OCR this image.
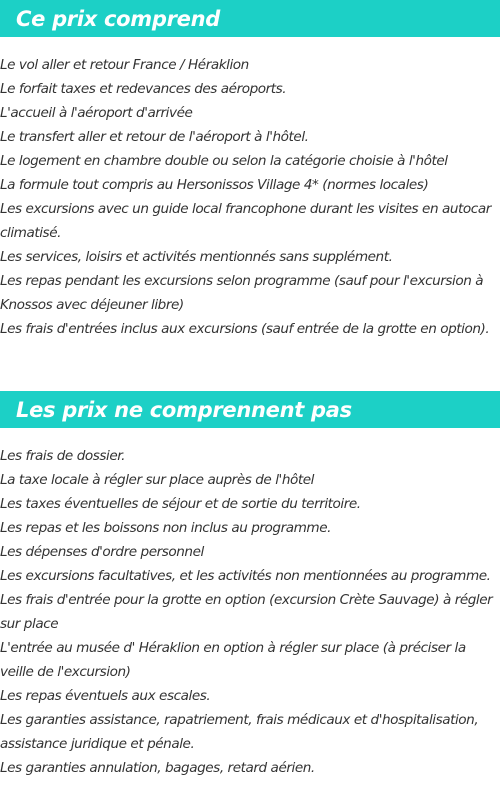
Ce prix comprend
Le vol aller et retour France / Héraklion
Le forfait taxes et redevances des aéroports.
L'accueil à l'aéroport d'arrivée
Le transfert aller et retour de l'aéroport à l'hôtel.
Le logement en chambre double ou selon la catégorie choisie à l'hôtel
La formule tout compris au Hersonissos Village 4* (normes locales)
Les excursions avec un guide local francophone durant les visites en autocar climatisé.
Les services, loisirs et activités mentionnés sans supplément.
Les repas pendant les excursions selon programme (sauf pour l'excursion à Knossos avec déjeuner libre)
Les frais d'entrées inclus aux excursions (sauf entrée de la grotte en option).
Les prix ne comprennent pas
Les frais de dossier.
La taxe locale à régler sur place auprès de l'hôtel
Les taxes éventuelles de séjour et de sortie du territoire.
Les repas et les boissons non inclus au programme.
Les dépenses d'ordre personnel
Les excursions facultatives, et les activités non mentionnées au programme.
Les frais d'entrée pour la grotte en option (excursion Crète Sauvage) à régler sur place
L'entrée au musée d' Héraklion en option à régler sur place (à préciser la veille de l'excursion)
Les repas éventuels aux escales.
Les garanties assistance, rapatriement, frais médicaux et d'hospitalisation, assistance juridique et pénale.
Les garanties annulation, bagages, retard aérien.
